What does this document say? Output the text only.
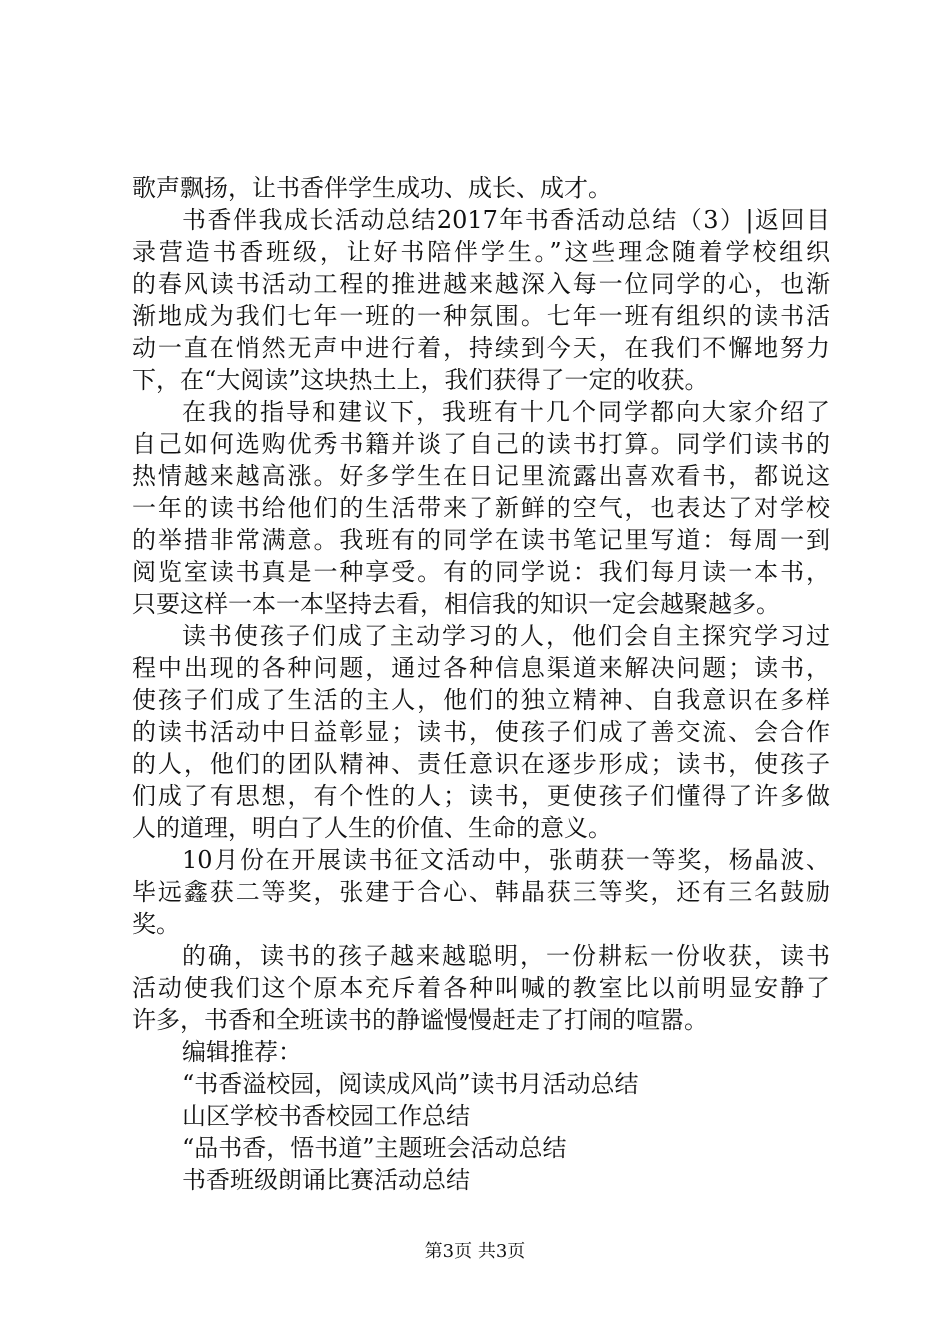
歌声飘扬，让书香伴学生成功、成长、成才。
书香伴我成长活动总结2017年书香活动总结（3）|返回目
录营造书香班级，让好书陪伴学生。”这些理念随着学校组织
的春风读书活动工程的推进越来越深入每一位同学的心，也渐
渐地成为我们七年一班的一种氛围。七年一班有组织的读书活
动一直在悄然无声中进行着，持续到今天，在我们不懈地努力
下，在“大阅读”这块热土上，我们获得了一定的收获。
在我的指导和建议下，我班有十几个同学都向大家介绍了
自己如何选购优秀书籍并谈了自己的读书打算。同学们读书的
热情越来越高涨。好多学生在日记里流露出喜欢看书，都说这
一年的读书给他们的生活带来了新鲜的空气，也表达了对学校
的举措非常满意。我班有的同学在读书笔记里写道：每周一到
阅览室读书真是一种享受。有的同学说：我们每月读一本书，
只要这样一本一本坚持去看，相信我的知识一定会越聚越多。
读书使孩子们成了主动学习的人，他们会自主探究学习过
程中出现的各种问题，通过各种信息渠道来解决问题；读书，
使孩子们成了生活的主人，他们的独立精神、自我意识在多样
的读书活动中日益彰显；读书，使孩子们成了善交流、会合作
的人，他们的团队精神、责任意识在逐步形成；读书，使孩子
们成了有思想，有个性的人；读书，更使孩子们懂得了许多做
人的道理，明白了人生的价值、生命的意义。
10月份在开展读书征文活动中，张萌获一等奖，杨晶波、
毕远鑫获二等奖，张建于合心、韩晶获三等奖，还有三名鼓励
奖。
的确，读书的孩子越来越聪明，一份耕耘一份收获，读书
活动使我们这个原本充斥着各种叫喊的教室比以前明显安静了
许多，书香和全班读书的静谧慢慢赶走了打闹的喧嚣。
编辑推荐：
“书香溢校园，阅读成风尚”读书月活动总结
山区学校书香校园工作总结
“品书香，悟书道”主题班会活动总结
书香班级朗诵比赛活动总结
第3页 共3页
